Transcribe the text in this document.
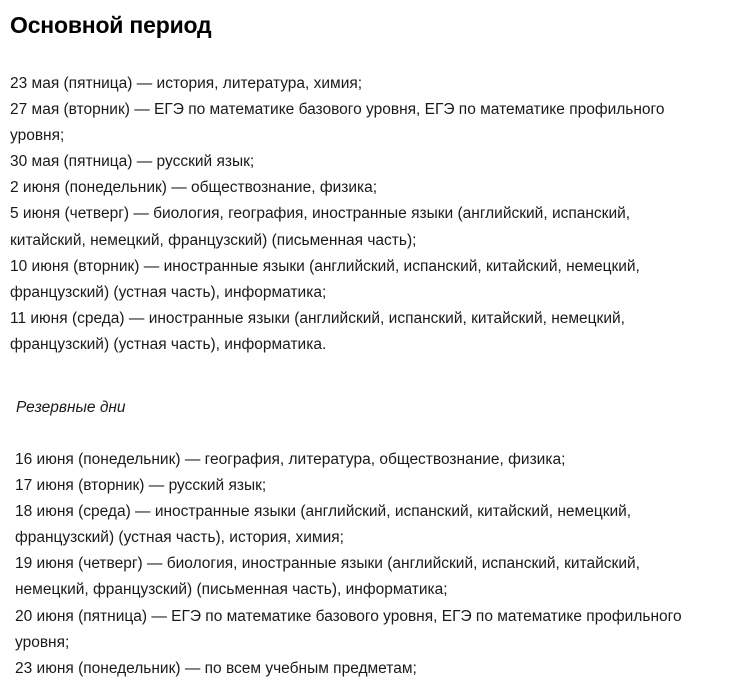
Основной период
23 мая (пятница) — история, литература, химия;
27 мая (вторник) — ЕГЭ по математике базового уровня, ЕГЭ по математике профильного
уровня;
30 мая (пятница) — русский язык;
2 июня (понедельник) — обществознание, физика;
5 июня (четверг) — биология, география, иностранные языки (английский, испанский,
китайский, немецкий, французский) (письменная часть);
10 июня (вторник) — иностранные языки (английский, испанский, китайский, немецкий,
французский) (устная часть), информатика;
11 июня (среда) — иностранные языки (английский, испанский, китайский, немецкий,
французский) (устная часть), информатика.
Резервные дни
16 июня (понедельник) — география, литература, обществознание, физика;
17 июня (вторник) — русский язык;
18 июня (среда) — иностранные языки (английский, испанский, китайский, немецкий,
французский) (устная часть), история, химия;
19 июня (четверг) — биология, иностранные языки (английский, испанский, китайский,
немецкий, французский) (письменная часть), информатика;
20 июня (пятница) — ЕГЭ по математике базового уровня, ЕГЭ по математике профильного
уровня;
23 июня (понедельник) — по всем учебным предметам;
